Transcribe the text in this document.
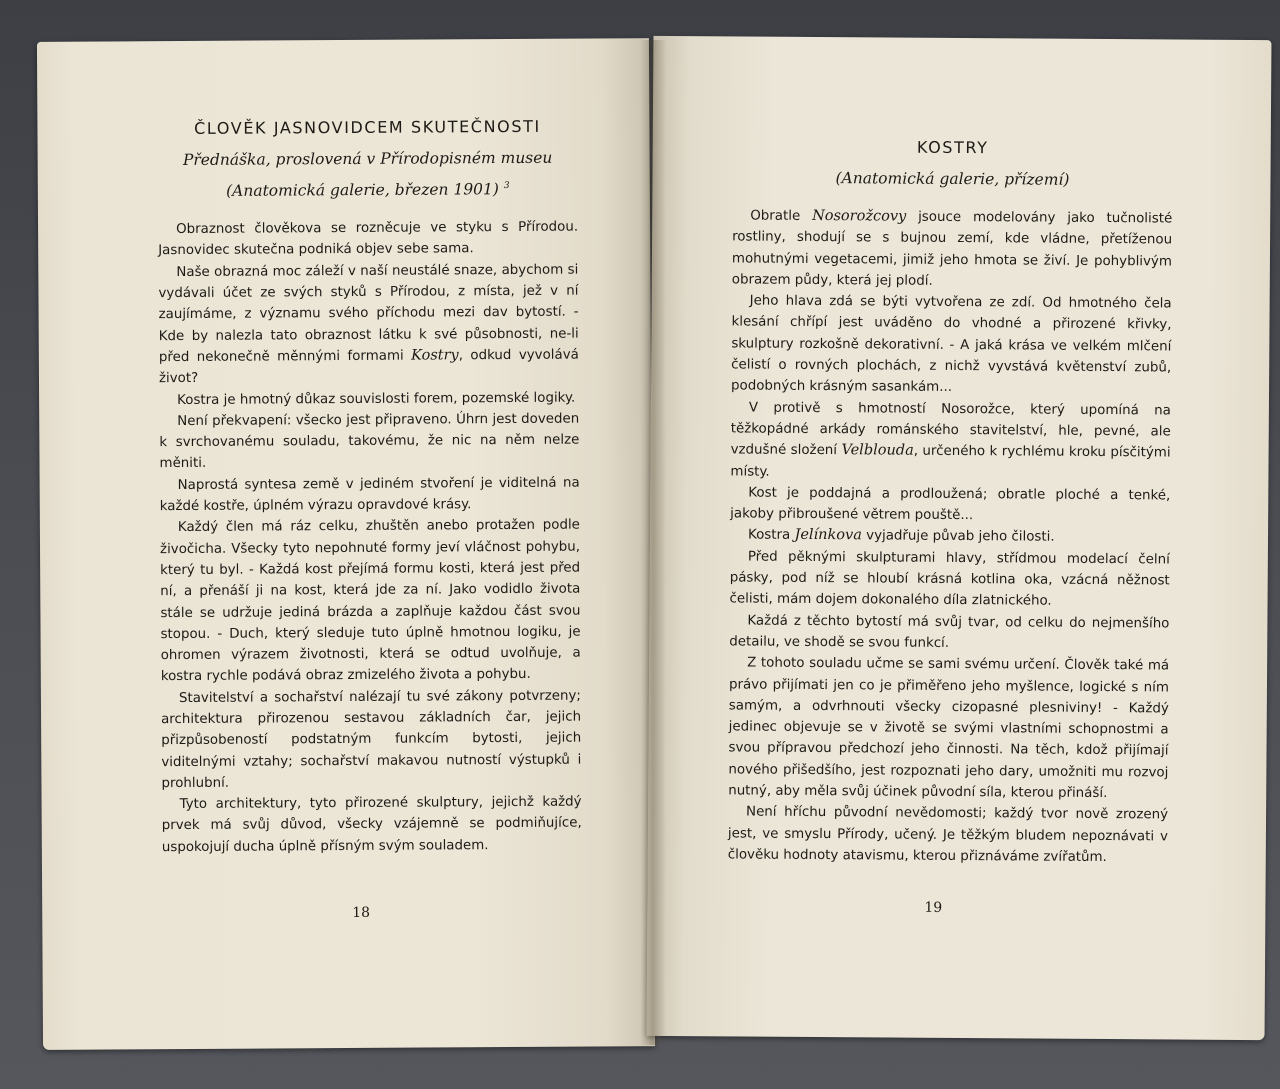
ČLOVĚK JASNOVIDCEM SKUTEČNOSTI

Přednáška, proslovená v Přírodopisném museu
(Anatomická galerie, březen 1901) $^3$

Obraznost člověkova se rozněcuje ve styku s Přírodou. Jasnovidec skutečna podniká objev sebe sama.

Naše obrazná moc záleží v naší neustálé snaze, abychom si vydávali účet ze svých styků s Přírodou, z místa, jež v ní zaujímáme, z významu svého příchodu mezi dav bytostí. - Kde by nalezla tato obraznost látku k své působnosti, ne-li před nekonečně měnnými formami Kostry, odkud vyvolává život?

Kostra je hmotný důkaz souvislosti forem, pozemské logiky.

Není překvapení: všecko jest připraveno. Úhrn jest doveden k svrchovanému souladu, takovému, že nic na něm nelze měniti.

Naprostá syntesa země v jediném stvoření je viditelná na každé kostře, úplném výrazu opravdové krásy.

Každý člen má ráz celku, zhuštěn anebo protažen podle živočicha. Všecky tyto nepohnuté formy jeví vláčnost pohybu, který tu byl. - Každá kost přejímá formu kosti, která jest před ní, a přenáší ji na kost, která jde za ní. Jako vodidlo života stále se udržuje jediná brázda a zaplňuje každou část svou stopou. - Duch, který sleduje tuto úplně hmotnou logiku, je ohromen výrazem životnosti, která se odtud uvolňuje, a kostra rychle podává obraz zmizelého života a pohybu.

Stavitelství a sochařství nalézají tu své zákony potvrzeny; architektura přirozenou sestavou základních čar, jejich přizpůsobeností podstatným funkcím bytosti, jejich viditelnými vztahy; sochařství makavou nutností výstupků i prohlubní.

Tyto architektury, tyto přirozené skulptury, jejichž každý prvek má svůj důvod, všecky vzájemně se podmiňujíce, uspokojují ducha úplně přísným svým souladem.

18

KOSTRY

(Anatomická galerie, přízemí)

Obratle Nosorožcovy jsouce modelovány jako tučnolisté rostliny, shodují se s bujnou zemí, kde vládne, přetíženou mohutnými vegetacemi, jimiž jeho hmota se živí. Je pohyblivým obrazem půdy, která jej plodí.

Jeho hlava zdá se býti vytvořena ze zdí. Od hmotného čela klesání chřípí jest uváděno do vhodné a přirozené křivky, skulptury rozkošně dekorativní. - A jaká krása ve velkém mlčení čelistí o rovných plochách, z nichž vyvstává květenství zubů, podobných krásným sasankám...

V protivě s hmotností Nosorožce, který upomíná na těžkopádné arkády románského stavitelství, hle, pevné, ale vzdušné složení Velblouda, určeného k rychlému kroku písčitými místy.

Kost je poddajná a prodloužená; obratle ploché a tenké, jakoby přibroušené větrem pouště...

Kostra Jelínkova vyjadřuje půvab jeho čilosti.

Před pěknými skulpturami hlavy, střídmou modelací čelní pásky, pod níž se hloubí krásná kotlina oka, vzácná něžnost čelisti, mám dojem dokonalého díla zlatnického.

Každá z těchto bytostí má svůj tvar, od celku do nejmenšího detailu, ve shodě se svou funkcí.

Z tohoto souladu učme se sami svému určení. Člověk také má právo přijímati jen co je přiměřeno jeho myšlence, logické s ním samým, a odvrhnouti všecky cizopasné plesniviny! - Každý jedinec objevuje se v životě se svými vlastními schopnostmi a svou přípravou předchozí jeho činnosti. Na těch, kdož přijímají nového přišedšího, jest rozpoznati jeho dary, umožniti mu rozvoj nutný, aby měla svůj účinek původní síla, kterou přináší.

Není hříchu původní nevědomosti; každý tvor nově zrozený jest, ve smyslu Přírody, učený. Je těžkým bludem nepoznávati v člověku hodnoty atavismu, kterou přiznáváme zvířatům.

19
